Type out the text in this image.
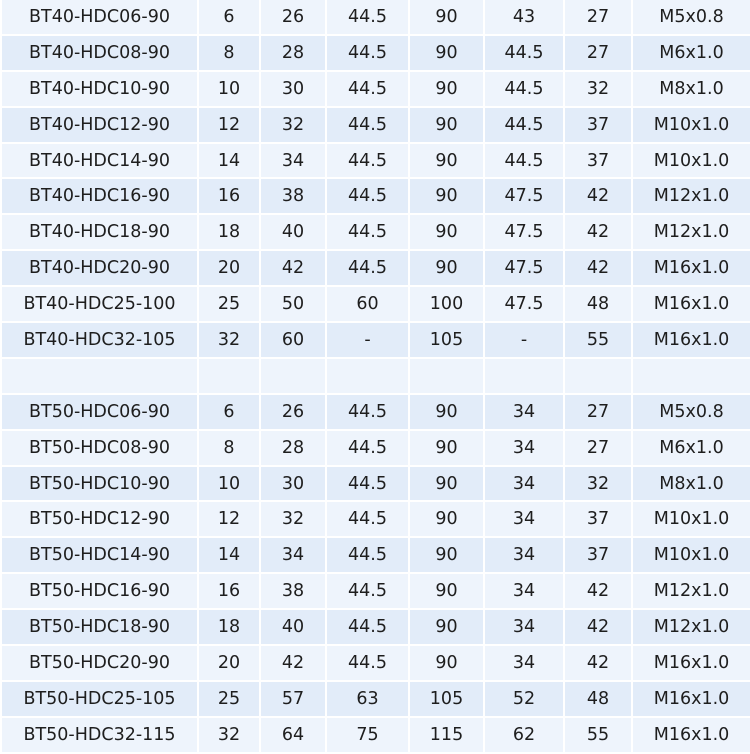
BT40-HDC06-90	6	26	44.5	90	43	27	M5x0.8
BT40-HDC08-90	8	28	44.5	90	44.5	27	M6x1.0
BT40-HDC10-90	10	30	44.5	90	44.5	32	M8x1.0
BT40-HDC12-90	12	32	44.5	90	44.5	37	M10x1.0
BT40-HDC14-90	14	34	44.5	90	44.5	37	M10x1.0
BT40-HDC16-90	16	38	44.5	90	47.5	42	M12x1.0
BT40-HDC18-90	18	40	44.5	90	47.5	42	M12x1.0
BT40-HDC20-90	20	42	44.5	90	47.5	42	M16x1.0
BT40-HDC25-100	25	50	60	100	47.5	48	M16x1.0
BT40-HDC32-105	32	60	-	105	-	55	M16x1.0

BT50-HDC06-90	6	26	44.5	90	34	27	M5x0.8
BT50-HDC08-90	8	28	44.5	90	34	27	M6x1.0
BT50-HDC10-90	10	30	44.5	90	34	32	M8x1.0
BT50-HDC12-90	12	32	44.5	90	34	37	M10x1.0
BT50-HDC14-90	14	34	44.5	90	34	37	M10x1.0
BT50-HDC16-90	16	38	44.5	90	34	42	M12x1.0
BT50-HDC18-90	18	40	44.5	90	34	42	M12x1.0
BT50-HDC20-90	20	42	44.5	90	34	42	M16x1.0
BT50-HDC25-105	25	57	63	105	52	48	M16x1.0
BT50-HDC32-115	32	64	75	115	62	55	M16x1.0
